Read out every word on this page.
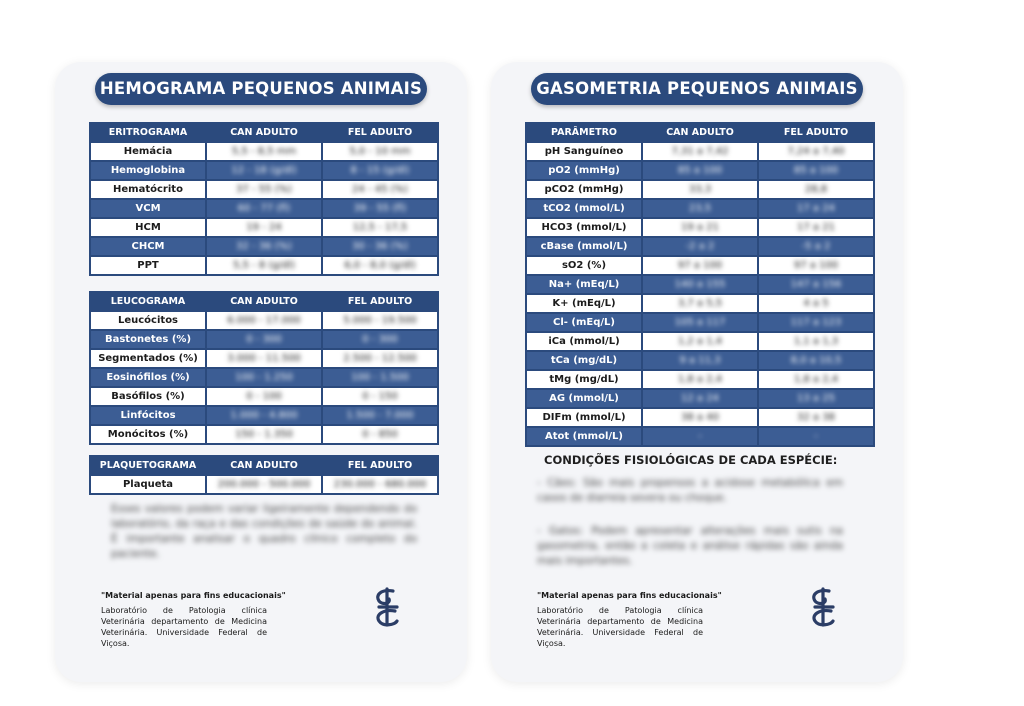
HEMOGRAMA PEQUENOS ANIMAIS
ERITROGRAMA	CAN ADULTO	FEL ADULTO
Hemácia	5,5 - 8,5 mm	5,0 - 10 mm
Hemoglobina	12 - 18 (g/dl)	8 - 15 (g/dl)
Hematócrito	37 - 55 (%)	24 - 45 (%)
VCM	60 - 77 (fl)	39 - 55 (fl)
HCM	19 - 24	12,5 - 17,5
CHCM	32 - 36 (%)	30 - 36 (%)
PPT	5,5 - 8 (g/dl)	6,0 - 8,0 (g/dl)
LEUCOGRAMA	CAN ADULTO	FEL ADULTO
Leucócitos	6.000 - 17.000	5.000 - 19.500
Bastonetes (%)	0 - 300	0 - 300
Segmentados (%)	3.000 - 11.500	2.500 - 12.500
Eosinófilos (%)	100 - 1.250	100 - 1.500
Basófilos (%)	0 - 100	0 - 150
Linfócitos	1.000 - 4.800	1.500 - 7.000
Monócitos (%)	150 - 1.350	0 - 850
PLAQUETOGRAMA	CAN ADULTO	FEL ADULTO
Plaqueta	200.000 - 500.000	230.000 - 680.000
Esses valores podem variar ligeiramente dependendo do laboratório, da raça e das condições de saúde do animal. É importante analisar o quadro clínico completo do paciente.
"Material apenas para fins educacionais"
Laboratório de Patologia clínica Veterinária departamento de Medicina Veterinária. Universidade Federal de Viçosa.
GASOMETRIA PEQUENOS ANIMAIS
PARÂMETRO	CAN ADULTO	FEL ADULTO
pH Sanguíneo	7,31 a 7,42	7,24 a 7,40
pO2 (mmHg)	85 a 100	85 a 100
pCO2 (mmHg)	33,3	28,8
tCO2 (mmol/L)	23,5	17 a 24
HCO3 (mmol/L)	19 a 21	17 a 21
cBase (mmol/L)	-2 a 2	-5 a 2
sO2 (%)	97 a 100	97 a 100
Na+ (mEq/L)	140 a 155	147 a 156
K+ (mEq/L)	3,7 a 5,5	4 a 5
Cl- (mEq/L)	105 a 117	117 a 123
iCa (mmol/L)	1,2 a 1,4	1,1 a 1,3
tCa (mg/dL)	9 a 11,3	8,0 a 10,5
tMg (mg/dL)	1,8 a 2,4	1,8 a 2,4
AG (mmol/L)	12 a 24	13 a 25
DIFm (mmol/L)	38 a 40	32 a 38
Atot (mmol/L)	-	-
CONDIÇÕES FISIOLÓGICAS DE CADA ESPÉCIE:
- Cães: São mais propensos a acidose metabólica em casos de diarreia severa ou choque.
- Gatos: Podem apresentar alterações mais sutis na gasometria, então a coleta e análise rápidas são ainda mais importantes.
"Material apenas para fins educacionais"
Laboratório de Patologia clínica Veterinária departamento de Medicina Veterinária. Universidade Federal de Viçosa.
